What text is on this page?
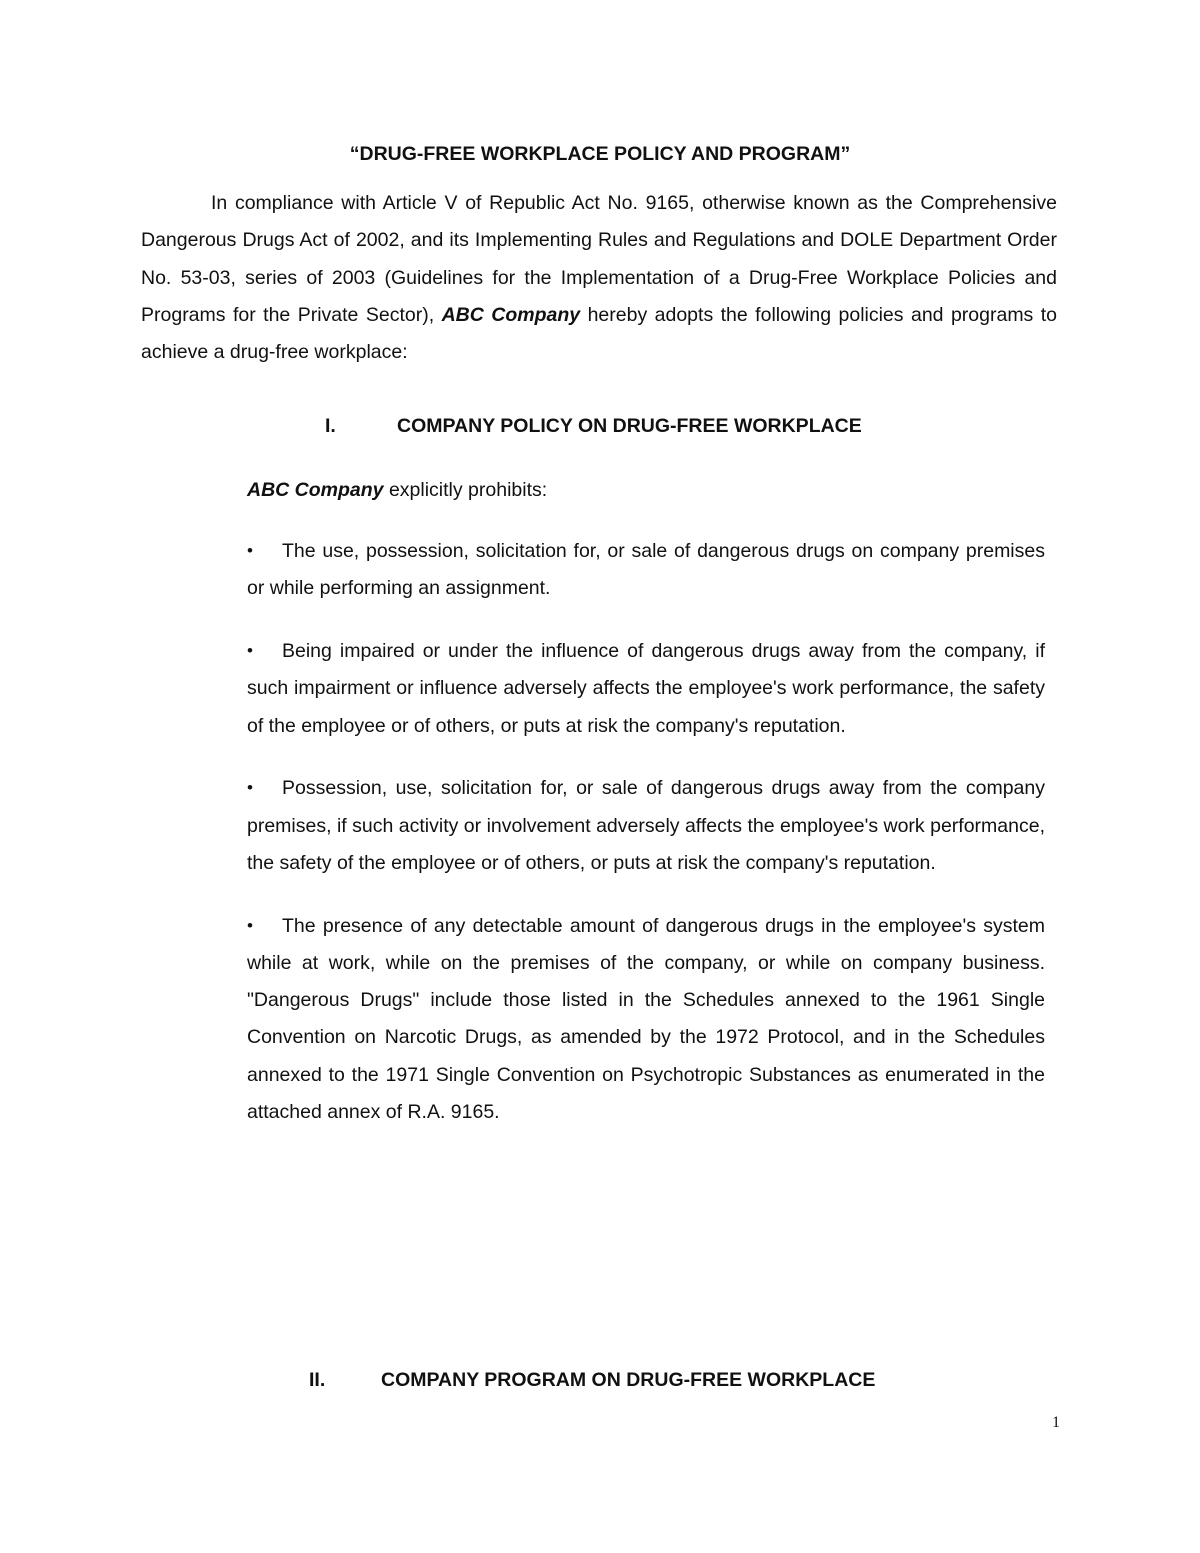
“DRUG-FREE WORKPLACE POLICY AND PROGRAM”

In compliance with Article V of Republic Act No. 9165, otherwise known as the Comprehensive Dangerous Drugs Act of 2002, and its Implementing Rules and Regulations and DOLE Department Order No. 53-03, series of 2003 (Guidelines for the Implementation of a Drug-Free Workplace Policies and Programs for the Private Sector), ABC Company hereby adopts the following policies and programs to achieve a drug-free workplace:

I.	COMPANY POLICY ON DRUG-FREE WORKPLACE

ABC Company explicitly prohibits:

• The use, possession, solicitation for, or sale of dangerous drugs on company premises or while performing an assignment.
• Being impaired or under the influence of dangerous drugs away from the company, if such impairment or influence adversely affects the employee's work performance, the safety of the employee or of others, or puts at risk the company's reputation.
• Possession, use, solicitation for, or sale of dangerous drugs away from the company premises, if such activity or involvement adversely affects the employee's work performance, the safety of the employee or of others, or puts at risk the company's reputation.
• The presence of any detectable amount of dangerous drugs in the employee's system while at work, while on the premises of the company, or while on company business. "Dangerous Drugs" include those listed in the Schedules annexed to the 1961 Single Convention on Narcotic Drugs, as amended by the 1972 Protocol, and in the Schedules annexed to the 1971 Single Convention on Psychotropic Substances as enumerated in the attached annex of R.A. 9165.
II.	COMPANY PROGRAM ON DRUG-FREE WORKPLACE

1
